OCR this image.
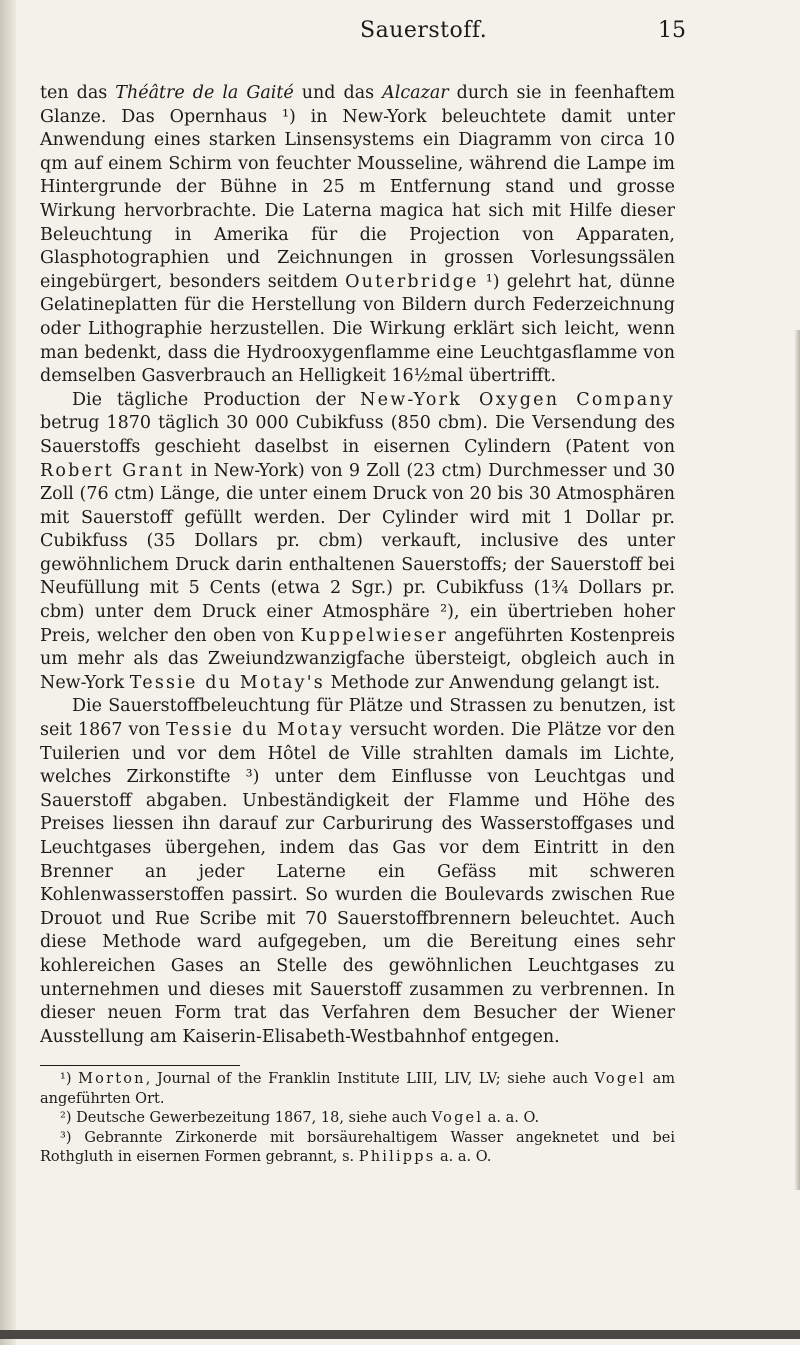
Sauerstoff.	15

ten das Théâtre de la Gaité und das Alcazar durch sie in feenhaftem Glanze. Das Opernhaus ¹) in New-York beleuchtete damit unter Anwendung eines starken Linsensystems ein Diagramm von circa 10 qm auf einem Schirm von feuchter Mousseline, während die Lampe im Hintergrunde der Bühne in 25 m Entfernung stand und grosse Wirkung hervorbrachte. Die Laterna magica hat sich mit Hilfe dieser Beleuchtung in Amerika für die Projection von Apparaten, Glasphotographien und Zeichnungen in grossen Vorlesungssälen eingebürgert, besonders seitdem Outerbridge ¹) gelehrt hat, dünne Gelatineplatten für die Herstellung von Bildern durch Federzeichnung oder Lithographie herzustellen. Die Wirkung erklärt sich leicht, wenn man bedenkt, dass die Hydrooxygenflamme eine Leuchtgasflamme von demselben Gasverbrauch an Helligkeit 16½mal übertrifft.

Die tägliche Production der New-York Oxygen Company betrug 1870 täglich 30 000 Cubikfuss (850 cbm). Die Versendung des Sauerstoffs geschieht daselbst in eisernen Cylindern (Patent von Robert Grant in New-York) von 9 Zoll (23 ctm) Durchmesser und 30 Zoll (76 ctm) Länge, die unter einem Druck von 20 bis 30 Atmosphären mit Sauerstoff gefüllt werden. Der Cylinder wird mit 1 Dollar pr. Cubikfuss (35 Dollars pr. cbm) verkauft, inclusive des unter gewöhnlichem Druck darin enthaltenen Sauerstoffs; der Sauerstoff bei Neufüllung mit 5 Cents (etwa 2 Sgr.) pr. Cubikfuss (1¾ Dollars pr. cbm) unter dem Druck einer Atmosphäre ²), ein übertrieben hoher Preis, welcher den oben von Kuppelwieser angeführten Kostenpreis um mehr als das Zweiundzwanzigfache übersteigt, obgleich auch in New-York Tessie du Motay's Methode zur Anwendung gelangt ist.

Die Sauerstoffbeleuchtung für Plätze und Strassen zu benutzen, ist seit 1867 von Tessie du Motay versucht worden. Die Plätze vor den Tuilerien und vor dem Hôtel de Ville strahlten damals im Lichte, welches Zirkonstifte ³) unter dem Einflusse von Leuchtgas und Sauerstoff abgaben. Unbeständigkeit der Flamme und Höhe des Preises liessen ihn darauf zur Carburirung des Wasserstoffgases und Leuchtgases übergehen, indem das Gas vor dem Eintritt in den Brenner an jeder Laterne ein Gefäss mit schweren Kohlenwasserstoffen passirt. So wurden die Boulevards zwischen Rue Drouot und Rue Scribe mit 70 Sauerstoffbrennern beleuchtet. Auch diese Methode ward aufgegeben, um die Bereitung eines sehr kohlereichen Gases an Stelle des gewöhnlichen Leuchtgases zu unternehmen und dieses mit Sauerstoff zusammen zu verbrennen. In dieser neuen Form trat das Verfahren dem Besucher der Wiener Ausstellung am Kaiserin-Elisabeth-Westbahnhof entgegen.

¹) Morton, Journal of the Franklin Institute LIII, LIV, LV; siehe auch Vogel am angeführten Ort.

²) Deutsche Gewerbezeitung 1867, 18, siehe auch Vogel a. a. O.

³) Gebrannte Zirkonerde mit borsäurehaltigem Wasser angeknetet und bei Rothgluth in eisernen Formen gebrannt, s. Philipps a. a. O.
